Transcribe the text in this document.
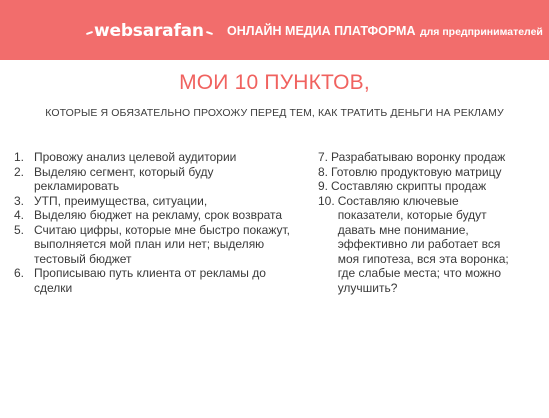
websarafan ОНЛАЙН МЕДИА ПЛАТФОРМА для предпринимателей
МОИ 10 ПУНКТОВ,
КОТОРЫЕ Я ОБЯЗАТЕЛЬНО ПРОХОЖУ ПЕРЕД ТЕМ, КАК ТРАТИТЬ ДЕНЬГИ НА РЕКЛАМУ
1. Провожу анализ целевой аудитории
2. Выделяю сегмент, который буду рекламировать
3. УТП, преимущества, ситуации,
4. Выделяю бюджет на рекламу, срок возврата
5. Считаю цифры, которые мне быстро покажут, выполняется мой план или нет; выделяю тестовый бюджет
6. Прописываю путь клиента от рекламы до сделки
7. Разрабатываю воронку продаж
8. Готовлю продуктовую матрицу
9. Составляю скрипты продаж
10. Составляю ключевые показатели, которые будут давать мне понимание, эффективно ли работает вся моя гипотеза, вся эта воронка; где слабые места; что можно улучшить?
